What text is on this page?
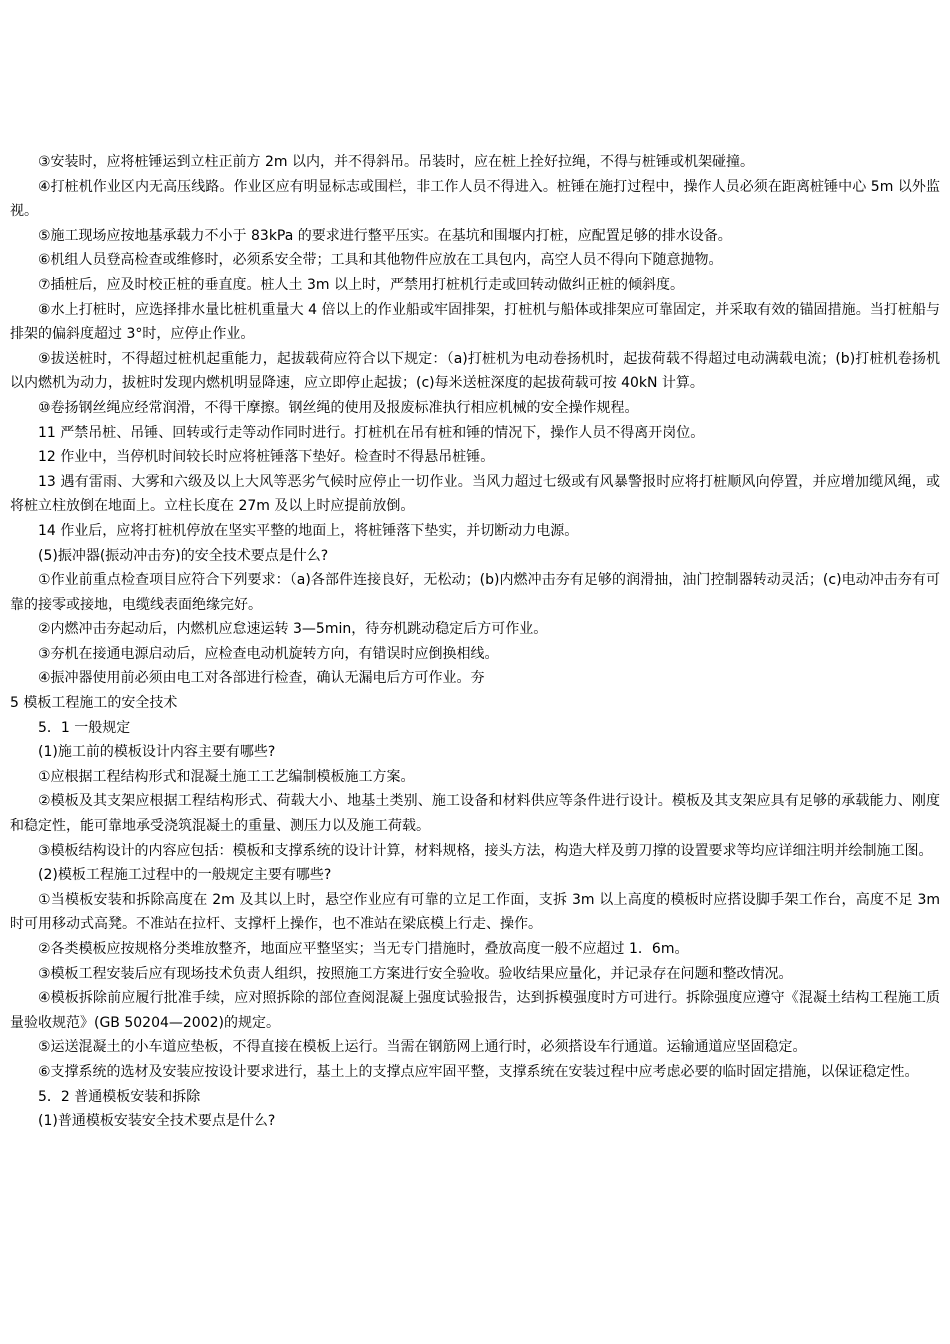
③安装时，应将桩锤运到立柱正前方 2m 以内，并不得斜吊。吊装时，应在桩上拴好拉绳，不得与桩锤或机架碰撞。

④打桩机作业区内无高压线路。作业区应有明显标志或围栏，非工作人员不得进入。桩锤在施打过程中，操作人员必须在距离桩锤中心 5m 以外监视。

⑤施工现场应按地基承载力不小于 83kPa 的要求进行整平压实。在基坑和围堰内打桩，应配置足够的排水设备。

⑥机组人员登高检查或维修时，必须系安全带；工具和其他物件应放在工具包内，高空人员不得向下随意抛物。

⑦插桩后，应及时校正桩的垂直度。桩人土 3m 以上时，严禁用打桩机行走或回转动做纠正桩的倾斜度。

⑧水上打桩时，应选择排水量比桩机重量大 4 倍以上的作业船或牢固排架，打桩机与船体或排架应可靠固定，并采取有效的锚固措施。当打桩船与排架的偏斜度超过 3°时，应停止作业。

⑨拔送桩时，不得超过桩机起重能力，起拔载荷应符合以下规定：（a)打桩机为电动卷扬机时，起拔荷载不得超过电动满载电流；(b)打桩机卷扬机以内燃机为动力，拔桩时发现内燃机明显降速，应立即停止起拔；(c)每米送桩深度的起拔荷载可按 40kN 计算。

⑩卷扬钢丝绳应经常润滑，不得干摩擦。钢丝绳的使用及报废标准执行相应机械的安全操作规程。

11 严禁吊桩、吊锤、回转或行走等动作同时进行。打桩机在吊有桩和锤的情况下，操作人员不得离开岗位。

12 作业中，当停机时间较长时应将桩锤落下垫好。检查时不得悬吊桩锤。

13 遇有雷雨、大雾和六级及以上大风等恶劣气候时应停止一切作业。当风力超过七级或有风暴警报时应将打桩顺风向停置，并应增加缆风绳，或将桩立柱放倒在地面上。立柱长度在 27m 及以上时应提前放倒。

14 作业后，应将打桩机停放在坚实平整的地面上，将桩锤落下垫实，并切断动力电源。

(5)振冲器(振动冲击夯)的安全技术要点是什么?

①作业前重点检查项目应符合下列要求：（a)各部件连接良好，无松动；(b)内燃冲击夯有足够的润滑抽，油门控制器转动灵活；(c)电动冲击夯有可靠的接零或接地，电缆线表面绝缘完好。

②内燃冲击夯起动后，内燃机应怠速运转 3—5min，待夯机跳动稳定后方可作业。

③夯机在接通电源启动后，应检查电动机旋转方向，有错误时应倒换相线。

④振冲器使用前必须由电工对各部进行检查，确认无漏电后方可作业。夯

5 模板工程施工的安全技术

5．1 一般规定

(1)施工前的模板设计内容主要有哪些?

①应根据工程结构形式和混凝土施工工艺编制模板施工方案。

②模板及其支架应根据工程结构形式、荷载大小、地基土类别、施工设备和材料供应等条件进行设计。模板及其支架应具有足够的承载能力、刚度和稳定性，能可靠地承受浇筑混凝土的重量、测压力以及施工荷载。

③模板结构设计的内容应包括：模板和支撑系统的设计计算，材料规格，接头方法，构造大样及剪刀撑的设置要求等均应详细注明并绘制施工图。

(2)模板工程施工过程中的一般规定主要有哪些?

①当模板安装和拆除高度在 2m 及其以上时，悬空作业应有可靠的立足工作面，支拆 3m 以上高度的模板时应搭设脚手架工作台，高度不足 3m 时可用移动式高凳。不准站在拉杆、支撑杆上操作，也不准站在梁底模上行走、操作。

②各类模板应按规格分类堆放整齐，地面应平整坚实；当无专门措施时，叠放高度一般不应超过 1．6m。

③模板工程安装后应有现场技术负责人组织，按照施工方案进行安全验收。验收结果应量化，并记录存在问题和整改情况。

④模板拆除前应履行批准手续，应对照拆除的部位查阅混凝上强度试验报告，达到拆模强度时方可进行。拆除强度应遵守《混凝土结构工程施工质量验收规范》(GB 50204—2002)的规定。

⑤运送混凝土的小车道应垫板，不得直接在模板上运行。当需在钢筋网上通行时，必须搭设车行通道。运输通道应坚固稳定。

⑥支撑系统的选材及安装应按设计要求进行，基土上的支撑点应牢固平整，支撑系统在安装过程中应考虑必要的临时固定措施，以保证稳定性。

5．2 普通模板安装和拆除

(1)普通模板安装安全技术要点是什么?
